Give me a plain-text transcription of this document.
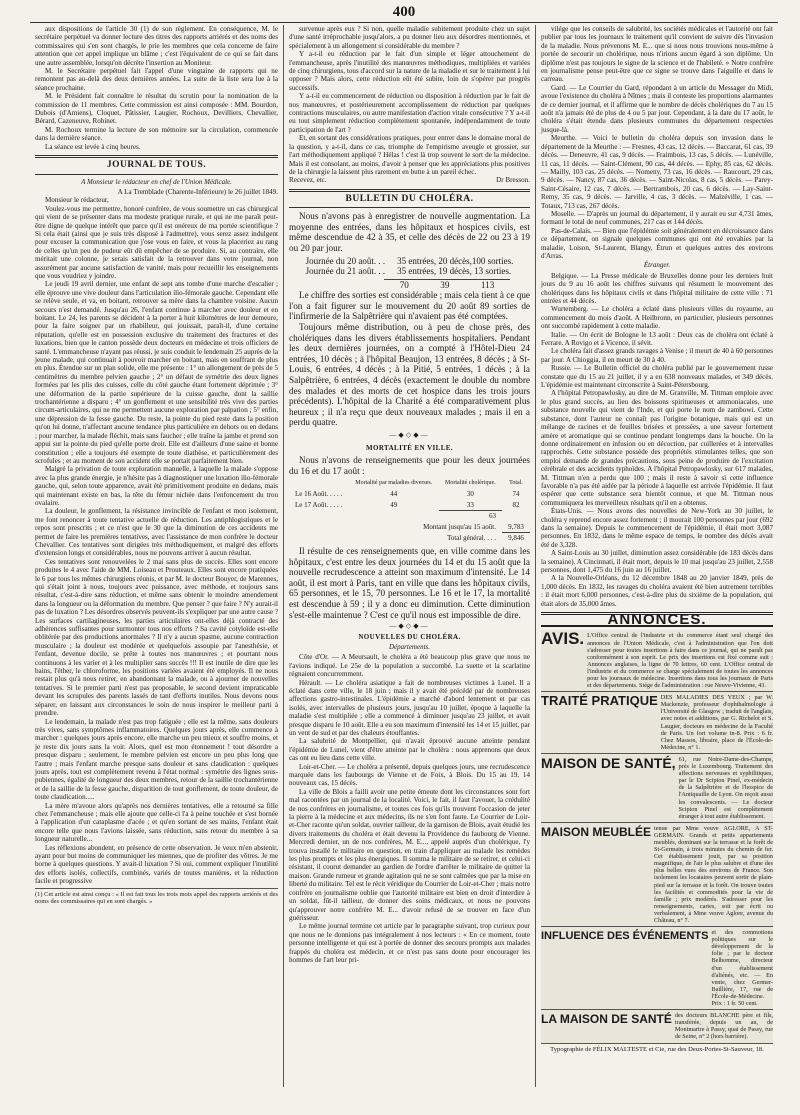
400

aux dispositions de l'article 30 (1) de son règlement. En conséquence, M. le secrétaire perpétuel va donner lecture des titres des rapports arriérés et des noms des commissaires qui s'en sont chargés, le prie les membres que cela concerne de faire attention que cet appel implique un blâme ; c'est l'équivalent de ce qui se fait dans une autre assemblée, lorsqu'on décrète l'insertion au Moniteur.

M. le Secrétaire perpétuel fait l'appel d'une vingtaine de rapports qui ne remontent pas au-delà des deux dernières années. La suite de la liste sera lue à la séance prochaine.

M. le Président fait connaître le résultat du scrutin pour la nomination de la commission de 11 membres. Cette commission est ainsi composée : MM. Bourdon, Dubois (d'Amiens), Cloquet, Pâtissier, Laugier, Rochoux, Devilliers, Chevallier, Bérard, Cazeneuve, Robinet.

M. Rochoux termine la lecture de son mémoire sur la circulation, commencée dans la dernière séance.

La séance est levée à cinq heures.

JOURNAL DE TOUS.
A Monsieur le rédacteur en chef de l'Union Médicale.

A La Tremblade (Charente-Inférieure) le 26 juillet 1849.

Monsieur le rédacteur,

Voulez-vous me permettre, honoré confrère, de vous soumettre un cas chirurgical qui vient de se présenter dans ma modeste pratique rurale, et qui ne me paraît peut-être digne de quelque intérêt que parce qu'il est onéreux de ma portée scientifique ? Si cela était (ainsi que je suis très disposé à l'admettre), vous serez assez indulgent pour excuser la communication que j'ose vous en faire, et vous la placeriez au rang de celles qu'un peu de pudeur eût dû empêcher de se produire. Si, au contraire, elle méritait une colonne, je serais satisfait de la retrouver dans votre journal, non assurément par aucune satisfaction de vanité, mais pour recueillir les enseignements que vous voudriez y joindre.

Le jeudi 19 avril dernier, une enfant de sept ans tombe d'une marche d'escalier ; elle éprouve une vive douleur dans l'articulation ilio-fémorale gauche. Cependant elle se relève seule, et va, en boitant, retrouver sa mère dans la chambre voisine. Aucun secours n'est demandé. Jusqu'au 26, l'enfant continue à marcher avec douleur et en boitant. Le 24, les parents se décident à la porter à huit kilomètres de leur demeure, pour la faire soigner par un rhabilleur, qui jouissait, paraît-il, d'une certaine réputation, qu'elle est en possession exclusive du traitement des fractures et des luxations, bien que le canton possède deux docteurs en médecine et trois officiers de santé. L'emmancheuse n'ayant pas réussi, je suis conduit le lendemain 25 auprès de la jeune malade, qui continuait à pouvoir marcher en boitant, mais en souffrant de plus en plus. Étendue sur un plan solide, elle me présente : 1° un allongement de près de 5 centimètres du membre pelvien gauche ; 2° un défaut de symétrie des deux lignes formées par les plis des cuisses, celle du côté gauche étant fortement déprimée ; 3° une déformation de la partie supérieure de la cuisse gauche, dont la saillie trochantérienne a disparu ; 4° un gonflement et une sensibilité très vive des parties circum-articulaires, qui ne me permettent aucune exploration par palpation ; 5° enfin, une dépression de la fesse gauche. Du reste, la pointe du pied reste dans la position qu'on lui donne, n'affectant aucune tendance plus particulière en dehors ou en dedans ; pour marcher, la malade fléchit, mais sans faucher ; elle traîne la jambe et prend son appui sur la pointe du pied qu'elle porte droit. Elle est d'ailleurs d'une saine et bonne constitution ; elle a toujours été exempte de toute diathèse, et particulièrement des scrofules ; et au moment de son accident elle se portait parfaitement bien.

Malgré la privation de toute exploration manuelle, à laquelle la malade s'oppose avec la plus grande énergie, je n'hésite pas à diagnostiquer une luxation ilio-fémorale gauche, qui, selon toute apparence, avait été primitivement produite en dedans, mais qui maintenant existe en bas, la tête du fémur nichée dans l'enfoncement du trou ovalaire.

La douleur, le gonflement, la résistance invincible de l'enfant et mon isolement, me font renoncer à toute tentative actuelle de réduction. Les antiphlogistiques et le repos sont prescrits ; et ce n'est que le 30 que la diminution de ces accidents me permet de faire les premières tentatives, avec l'assistance de mon confrère le docteur Chevallier. Ces tentatives sont dirigées très méthodiquement, et malgré des efforts d'extension longs et considérables, nous ne pouvons arriver à aucun résultat.

Ces tentatives sont renouvelées le 2 mai sans plus de succès. Elles sont encore produites le 4 avec l'aide de MM. Loiseau et Prouteaux. Elles sont encore pratiquées le 6 par tous les mêmes chirurgiens réunis, et par M. le docteur Bouyer, de Marennes, qui s'était joint à nous, toujours avec puissance, avec méthode, et toujours sans résultat, c'est-à-dire sans réduction, et même sans obtenir le moindre amendement dans la longueur ou la déformation du membre. Que penser ? que faire ? N'y aurait-il pas de luxation ? Les désordres observés peuvent-ils s'expliquer par une autre cause ? Les surfaces cartilagineuses, les parties articulaires ont-elles déjà contracté des adhérences suffisantes pour surmonter tous nos efforts ? Sa cavité cotyloïde est-elle oblitérée par des productions anormales ? Il n'y a aucun spasme, aucune contraction musculaire ; la douleur est modérée et quelquefois assoupie par l'anesthésie, et l'enfant, devenue docile, se prête à toutes nos manœuvres ; et pourtant nous continuons à les varier et à les multiplier sans succès !!! Il est inutile de dire que les bains, l'éther, le chloroforme, les positions variées avaient été employés. Il ne nous restait plus qu'à nous retirer, en abandonnant la malade, ou à ajourner de nouvelles tentatives. Si le premier parti n'est pas proposable, le second devient impraticable devant les scrupules des parents lassés de tant d'efforts inutiles. Nous devons nous séparer, en laissant aux circonstances le soin de nous inspirer le meilleur parti à prendre.

Le lendemain, la malade n'est pas trop fatiguée ; elle est la même, sans douleurs très vives, sans symptômes inflammatoires. Quelques jours après, elle commence à marcher : quelques jours après encore, elle marche un peu mieux et souffre moins, et je reste dix jours sans la voir. Alors, quel est mon étonnement ! tout désordre a presque disparu ; seulement, le membre pelvien est encore un peu plus long que l'autre ; mais l'enfant marche presque sans douleur et sans claudication : quelques jours après, tout est complètement revenu à l'état normal : symétrie des lignes sous-pubiennes, égalité de longueur des deux membres, retour de la saillie trochantérienne et de la saillie de la fesse gauche, disparition de tout gonflement, de toute douleur, de toute claudication.....

La mère m'avoue alors qu'après nos dernières tentatives, elle a retourné sa fille chez l'emmancheuse ; mais elle ajoute que celle-ci l'a à peine touchée et s'est bornée à l'application d'un cataplasme d'acée ; et qu'en sortant de ses mains, l'enfant était encore telle que nous l'avions laissée, sans réduction, sans retour du membre à sa longueur naturelle...

Les réflexions abondent, en présence de cette observation. Je veux m'en abstenir, ayant pour but moins de communiquer les miennes, que de profiter des vôtres. Je me borne à quelques questions. Y avait-il luxation ? Si oui, comment expliquer l'inutilité des efforts isolés, collectifs, combinés, variés de toutes manières, et la réduction facile et progressive

(1) Cet article est ainsi conçu : « Il est fait tous les trois mois appel des rapports arriérés et des noms des commissaires qui en sont chargés. »

survenue après eux ? Si non, quelle maladie subitement produite chez un sujet d'une santé irréprochable jusqu'alors, a pu donner lieu aux désordres mentionnés, et spécialement à un allongement si considérable du membre ?

Y a-t-il eu réduction par le fait d'un simple et léger attouchement de l'emmancheuse, après l'inutilité des manœuvres méthodiques, multipliées et variées de cinq chirurgiens, tous d'accord sur la nature de la maladie et sur le traitement à lui opposer ? Mais alors, cette réduction eût été subite, loin de s'opérer par progrès successifs.

Y a-t-il eu commencement de réduction ou disposition à réduction par le fait de nos manœuvres, et postérieurement accomplissement de réduction par quelques contractions musculaires, ou autre manifestation d'action vitale consécutive ? Y a-t-il eu tout simplement réduction complètement spontanée, indépendamment de toute participation de l'art ?

Et, en sortant des considérations pratiques, pour entrer dans le domaine moral de la question, y a-t-il, dans ce cas, triomphe de l'empirisme aveugle et grossier, sur l'art méthodiquement appliqué ? Hélas ! c'est là trop souvent le sort de la médecine. Mais il est consolant, au moins, d'avoir à penser que les appréciations plus positives de la chirurgie la laissent plus rarement en butte à un pareil échec.

Recevez, etc.	Dr Bresson.
BULLETIN DU CHOLÉRA.

Nous n'avons pas à enregistrer de nouvelle augmentation. La moyenne des entrées, dans les hôpitaux et hospices civils, est même descendue de 42 à 35, et celle des décès de 22 ou 23 à 19 ou 20 par jour.

Journée du 20 août. . .	35 entrées, 20 décès,100 sorties.
Journée du 21 août. . .	35 entrées, 19 décès, 13 sorties.
70	39	113

Le chiffre des sorties est considérable ; mais cela tient à ce que l'on a fait figurer sur le mouvement du 20 août 89 sorties de l'infirmerie de la Salpêtrière qui n'avaient pas été comptées.

Toujours même distribution, ou à peu de chose près, des cholériques dans les divers établissements hospitaliers. Pendant les deux dernières journées, on a compté à l'Hôtel-Dieu 24 entrées, 10 décès ; à l'hôpital Beaujon, 13 entrées, 8 décès ; à St-Louis, 6 entrées, 4 décès ; à la Pitié, 5 entrées, 1 décès ; à la Salpêtrière, 6 entrées, 4 décès (exactement le double du nombre des malades et des morts de cet hospice dans les trois jours précédents). L'hôpital de la Charité a été comparativement plus heureux ; il n'a reçu que deux nouveaux malades ; mais il en a perdu quatre.

—◆◇◆—
MORTALITÉ EN VILLE.

Nous n'avons de renseignements que pour les deux journées du 16 et du 17 août :

	Mortalité par maladies diverses.	Mortalité cholérique.	Total.
Le 16 Août. . . . .	44	30	74
Le 17 Août. . . . .	49	33	82
		63	
Montant jusqu'au 15 août.			9,783
Total général. . . .			9,846

Il résulte de ces renseignements que, en ville comme dans les hôpitaux, c'est entre les deux journées du 14 et du 15 août que la nouvelle recrudescence a atteint son maximum d'intensité. Le 14 août, il est mort à Paris, tant en ville que dans les hôpitaux civils, 65 personnes, et le 15, 70 personnes. Le 16 et le 17, la mortalité est descendue à 59 ; il y a donc eu diminution. Cette diminution s'est-elle maintenue ? C'est ce qu'il nous est impossible de dire.

—◆◇◆—
NOUVELLES DU CHOLÉRA.
Départements.

Côte d'Or. — A Meursault, le choléra a été beaucoup plus grave que nous ne l'avions indiqué. Le 25e de la population a succombé. La suette et la scarlatine régnaient concurremment.

Hérault. — Le choléra asiatique a fait de nombreuses victimes à Lunel. Il a éclaté dans cette ville, le 18 juin ; mais il y avait été précédé par de nombreuses affections gastro-intestinales. L'épidémie a marché d'abord lentement et par cas isolés, avec intervalles de plusieurs jours, jusqu'au 10 juillet, époque à laquelle la maladie s'est multipliée ; elle a commencé à diminuer jusqu'au 23 juillet, et avait presque disparu le 10 août. Elle a eu son maximum d'intensité les 14 et 15 juillet, par un vent de sud et par des chaleurs étouffantes.

La salubrité de Montpellier, qui n'avait éprouvé aucune atteinte pendant l'épidémie de Lunel, vient d'être atteinte par le choléra : nous apprenons que deux cas ont eu lieu dans cette ville.

Loir-et-Cher. — Le choléra a présenté, depuis quelques jours, une recrudescence marquée dans les faubourgs de Vienne et de Foix, à Blois. Du 15 au 19, 14 nouveaux cas, 15 décès.

La ville de Blois a failli avoir une petite émeute dont les circonstances sont fort mal racontées par un journal de la localité. Voici, le fait, il faut l'avouer, la crédulité de nos confrères en journalisme, et toutes ces fois qu'ils trouvent l'occasion de jeter la pierre à la médecine et aux médecins, ils ne s'en font faute. Le Courrier de Loir-et-Cher raconte qu'un soldat, ouvrier tailleur, de la garnison de Blois, avait étudié les divers traitements du choléra et était devenu la Providence du faubourg de Vienne. Mercredi dernier, un de nos confrères, M. E..., appelé auprès d'un cholérique, l'y trouva installé le militaire en question, en train d'appliquer au malade les remèdes les plus prompts et les plus énergiques. Il somma le militaire de se retirer, et celui-ci résistant, il courut demander au gardien de l'ordre d'arrêter le militaire de quitter la maison. Grande rumeur et grande agitation qui ne se sont calmées que par la mise en liberté du militaire. Tel est le récit véridique du Courrier de Loir-et-Cher ; mais notre confrère en journalisme oublie que l'autorité militaire est bien en droit d'interdire à un soldat, fût-il tailleur, de donner des soins médicaux, et nous ne pouvons qu'approuver notre confrère M. E... d'avoir refusé de se trouver en face d'un guérisseur.

Le même journal termine cet article par le paragraphe suivant, trop curieux pour que nous ne le donnions pas intégralement à nos lecteurs : « En ce moment, toute personne intelligente et qui est à portée de donner des secours prompts aux malades frappés du choléra est médecin, et ce n'est pas sans doute pour encourager les hommes de l'art leur pri-

vilége que les conseils de salubrité, les sociétés médicales et l'autorité ont fait publier par tous les journaux le traitement qu'il convient de suivre dès l'invasion de la maladie. Nous prévenons M. E... que si nous nous trouvions nous-même à portée de secourir un cholérique, nous n'irions aucun égard à son diplôme. Un diplôme n'est pas toujours le signe de la science et de l'habileté. » Notre confrère en journalisme pense peut-être que ce signe se trouve dans l'aiguille et dans le carreau.

Gard. — Le Courrier du Gard, répondant à un article du Messager du Midi, avoue l'existence du choléra à Nîmes ; mais il conteste les proportions alarmantes de ce dernier journal, et il affirme que le nombre de décès cholériques du 7 au 15 août n'a jamais été de plus de 4 ou 5 par jour. Cependant, à la date du 17 août, le choléra s'était étendu dans plusieurs communes du département respectées jusque-là.

Meurthe. — Voici le bulletin du choléra depuis son invasion dans le département de la Meurthe : — Fresnes, 43 cas, 12 décès. — Baccarat, 61 cas, 39 décès. — Deneuvre, 41 cas, 9 décès. — Fraimbois, 13 cas, 5 décès. — Lunéville, 11 cas, 11 décès. — Saint-Clément, 90 cas, 44 décès. — Ephy, 85 cas, 62 décès. — Mailly, 103 cas, 25 décès. — Nomeny, 73 cas, 16 décès. — Raucourt, 29 cas, 9 décès. — Nancy, 87 cas, 36 décès. — Saint-Nicolas, 8 cas, 5 décès. — Parey-Saint-Césaire, 12 cas, 7 décès. — Bertrambois, 20 cas, 6 décès. — Lay-Saint-Remy, 35 cas, 9 décès. — Jarville, 4 cas, 3 décès. — Malzéville, 1 cas. — Totaux, 713 cas, 267 décès.

Moselle. — D'après un journal du département, il y aurait eu sur 4,731 âmes, formant le total de neuf communes, 217 cas et 144 décès.

Pas-de-Calais. — Bien que l'épidémie soit généralement en décroissance dans ce département, on signale quelques communes qui ont été envahies par la maladie, Loison, St-Laurent, Blangy, Étrun et quelques autres des environs d'Arras.

Étranger.

Belgique. — La Presse médicale de Bruxelles donne pour les derniers huit jours du 9 au 16 août les chiffres suivants qui résument le mouvement des cholériques dans les hôpitaux civils et dans l'hôpital militaire de cette ville : 71 entrées et 44 décès.

Wurtemberg. — Le choléra a éclaté dans plusieurs villes du royaume, au commencement du mois d'août. A Heilbronn, en particulier, plusieurs personnes ont succombé rapidement à cette maladie.

Italie. — On écrit de Bologne le 13 août : Deux cas de choléra ont éclaté à Ferrare. A Rovigo et à Vicence, il sévit.

Le choléra fait d'assez grands ravages à Venise ; il meurt de 40 à 60 personnes par jour. A Chioggia, il en meurt de 30 à 40.

Russie. — Le Bulletin officiel du choléra publié par le gouvernement russe constate que du 15 au 21 juillet, il y a eu 638 nouveaux malades, et 349 décès. L'épidémie est maintenant circonscrite à Saint-Pétersbourg.

A l'hôpital Petropawlosky, au dire de M. Granville, M. Tittman emploie avec le plus grand succès, au lieu des boissons spiritueuses et ammoniacales, une substance nouvelle qui vient de l'Inde, et qui porte le nom de zambowi. Cette substance, dont l'auteur ne connaît pas l'origine botanique, mais qui est un mélange de racines et de feuilles brisées et pressées, a une saveur fortement amère et aromatique qui se continue pendant longtemps dans la bouche. On la donne ordinairement en infusion ou en décoction, par cuillerées et à intervalles rapprochés. Cette substance possède des propriétés stimulantes telles, que son emploi demande de grandes précautions, sous peine de produire de l'excitation cérébrale et des accidents typhoïdes. A l'hôpital Petropawlosky, sur 617 malades, M. Tittman n'en a perdu que 100 ; mais il reste à savoir si cette influence favorable n'a pas été aidée par la période à laquelle est arrivée l'épidémie. Il faut espérer que cette substance sera bientôt connue, et que M. Tittman nous communiquera les merveilleux résultats qu'il en a obtenus.

États-Unis. — Nous avons des nouvelles de New-York au 30 juillet, le choléra y reprend encore assez fortement ; il mourait 100 personnes par jour (692 dans la semaine). Depuis le commencement de l'épidémie, il était mort 3,087 personnes. En 1832, dans le même espace de temps, le nombre des décès avait été de 3,328.

A Saint-Louis au 30 juillet, diminution assez considérable (de 183 décès dans la semaine). A Cincinnati, il était mort, depuis le 10 mai jusqu'au 23 juillet, 2,558 personnes, dont 1,475 du 16 juin au 16 juillet.

A la Nouvelle-Orléans, du 12 décembre 1848 au 20 janvier 1849, près de 1,000 décès. En 1832, les ravages du choléra avaient été bien autrement terribles : il était mort 6,000 personnes, c'est-à-dire plus du sixième de la population, qui était alors de 35,000 âmes.

ANNONCES.
AVIS. L'Office central de l'industrie et du commerce étant seul chargé des annonces de l'Union Médicale, c'est à l'administration que l'on doit s'adresser pour toutes insertions à faire dans ce journal, qui ne paraît pas conformément à son esprit. Le prix des insertions est fixé comme suit : Annonces anglaises, la ligne de 70 lettres, 60 cent. L'Office central de l'industrie et du commerce se charge spécialement de toutes les annonces pour les journaux de médecine. Insertions dans tous les journaux de Paris et des départements. Siége de l'administration : rue Neuve-Vivienne, 43.
TRAITÉ PRATIQUE DES MALADIES DES YEUX ; par W. Mackenzie, professeur d'ophthalmologie à l'Université de Glasgow ; traduit de l'anglais, avec notes et additions, par G. Richelot et S. Laugier, docteurs en médecine de la Faculté de Paris. Un fort volume in-8. Prix : 6 fr. Chez Masson, libraire, place de l'École-de-Médecine, n° 1.
MAISON DE SANTÉ, 61, rue Notre-Dame-des-Champs, près le Luxembourg. Traitement des affections nerveuses et syphilitiques, par le Dr Scipion Pinel, ex-médecin de la Salpêtrière et de l'hospice de l'Antiquaille de Lyon. On reçoit aussi les convalescents. — Le docteur Scipion Pinel est complètement étranger à tout autre établissement.
MAISON MEUBLÉE tenue par Mme veuve AGLORE, A ST-GERMAIN. Grands et petits appartements meublés, dominant sur la terrasse et la forêt de St-Germain, à trois minutes du chemin de fer. Cet établissement jouit, par sa position magnifique, de l'air le plus salubre et d'une des plus belles vues des environs de France. Son isolement les locataires peuvent sortir de plain-pied sur la terrasse et la forêt. On trouve toutes les facilités et commodités pour la vie de famille ; prix modérés. S'adresser pour les renseignements, cartes, soit par écrit ou verbalement, à Mme veuve Aglore, avenue du Château, n° 7.
INFLUENCE DES ÉVÉNEMENTS et des commotions politiques sur le développement de la folie ; par le docteur Belhomme, directeur d'un établissement d'aliénés, etc. — En vente, chez Germer-Baillière, 17, rue de l'École-de-Médecine. Prix : 1 fr. 50 cent.
LA MAISON DE SANTÉ des docteurs BLANCHE père et fils, transférée, depuis un an, de Montmartre à Passy, quai de Passy, rue de Seine, n° 2 (hors barrière).
Typographie de FÉLIX MALTESTE et Cie, rue des Deux-Portes-St-Sauveur, 18.
